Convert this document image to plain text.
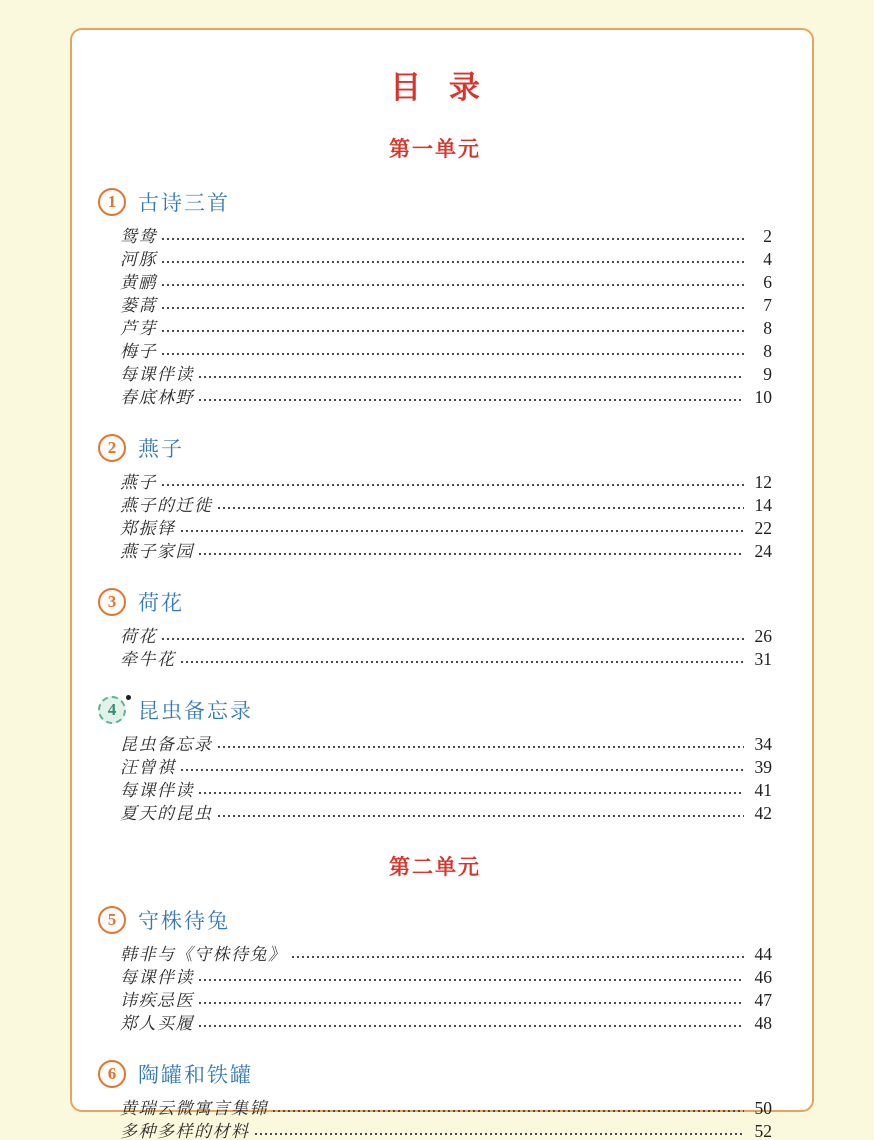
目 录
第一单元
1	古诗三首
鸳鸯	2
河豚	4
黄鹂	6
蒌蒿	7
芦芽	8
梅子	8
每课伴读	9
春底林野	10
2	燕子
燕子	12
燕子的迁徙	14
郑振铎	22
燕子家园	24
3	荷花
荷花	26
牵牛花	31
4	昆虫备忘录
昆虫备忘录	34
汪曾祺	39
每课伴读	41
夏天的昆虫	42
第二单元
5	守株待兔
韩非与《守株待兔》	44
每课伴读	46
讳疾忌医	47
郑人买履	48
6	陶罐和铁罐
黄瑞云微寓言集锦	50
多种多样的材料	52
